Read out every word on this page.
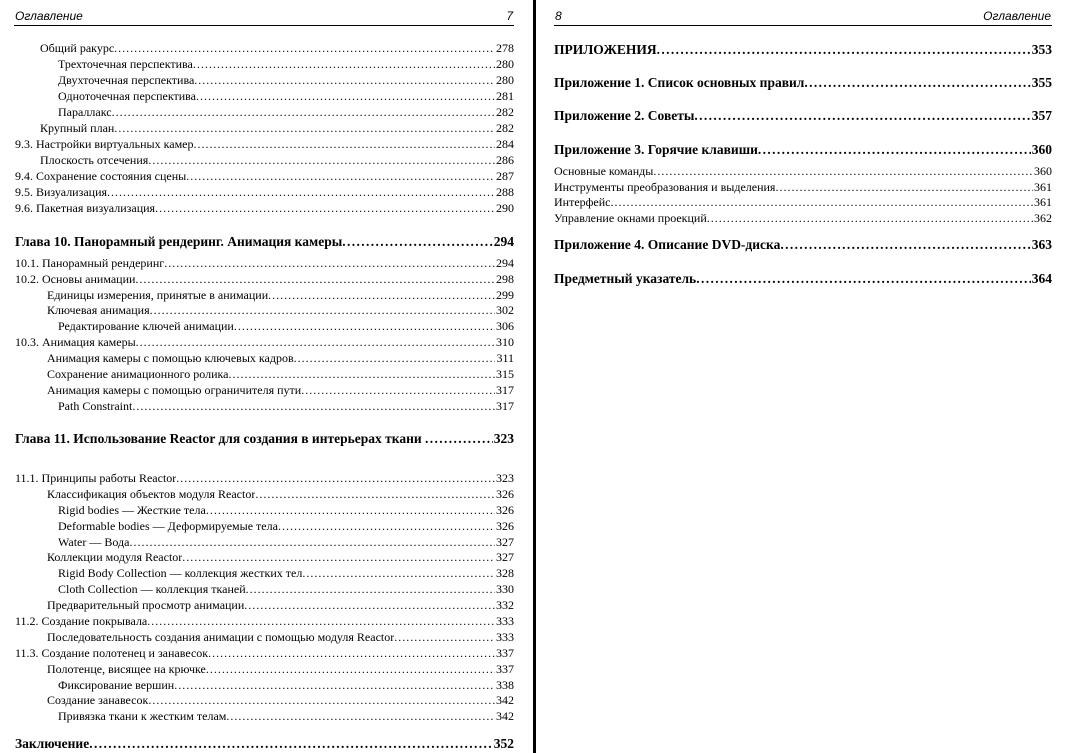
Оглавление	7
Общий ракурс . . .	278
Трехточечная перспектива . . .	280
Двухточечная перспектива . . .	280
Одноточечная перспектива . . .	281
Параллакс . . .	282
Крупный план . . .	282
9.3. Настройки виртуальных камер . . .	284
Плоскость отсечения . . .	286
9.4. Сохранение состояния сцены . . .	287
9.5. Визуализация . . .	288
9.6. Пакетная визуализация . . .	290
Глава 10. Панорамный рендеринг. Анимация камеры . . .	294
10.1. Панорамный рендеринг . . .	294
10.2. Основы анимации . . .	298
Единицы измерения, принятые в анимации . . .	299
Ключевая анимация . . .	302
Редактирование ключей анимации . . .	306
10.3. Анимация камеры . . .	310
Анимация камеры с помощью ключевых кадров . . .	311
Сохранение анимационного ролика . . .	315
Анимация камеры с помощью ограничителя пути . . .	317
Path Constraint . . .	317
Глава 11. Использование Reactor для создания в интерьерах ткани . . .	323
11.1. Принципы работы Reactor . . .	323
Классификация объектов модуля Reactor . . .	326
Rigid bodies — Жесткие тела . . .	326
Deformable bodies — Деформируемые тела . . .	326
Water — Вода . . .	327
Коллекции модуля Reactor . . .	327
Rigid Body Collection — коллекция жестких тел . . .	328
Cloth Collection — коллекция тканей . . .	330
Предварительный просмотр анимации . . .	332
11.2. Создание покрывала . . .	333
Последовательность создания анимации с помощью модуля Reactor . . .	333
11.3. Создание полотенец и занавесок . . .	337
Полотенце, висящее на крючке . . .	337
Фиксирование вершин . . .	338
Создание занавесок . . .	342
Привязка ткани к жестким телам . . .	342
Заключение . . .	352
8	Оглавление
ПРИЛОЖЕНИЯ . . .	353
Приложение 1. Список основных правил . . .	355
Приложение 2. Советы . . .	357
Приложение 3. Горячие клавиши . . .	360
Основные команды . . .	360
Инструменты преобразования и выделения . . .	361
Интерфейс . . .	361
Управление окнами проекций . . .	362
Приложение 4. Описание DVD-диска . . .	363
Предметный указатель . . .	364
